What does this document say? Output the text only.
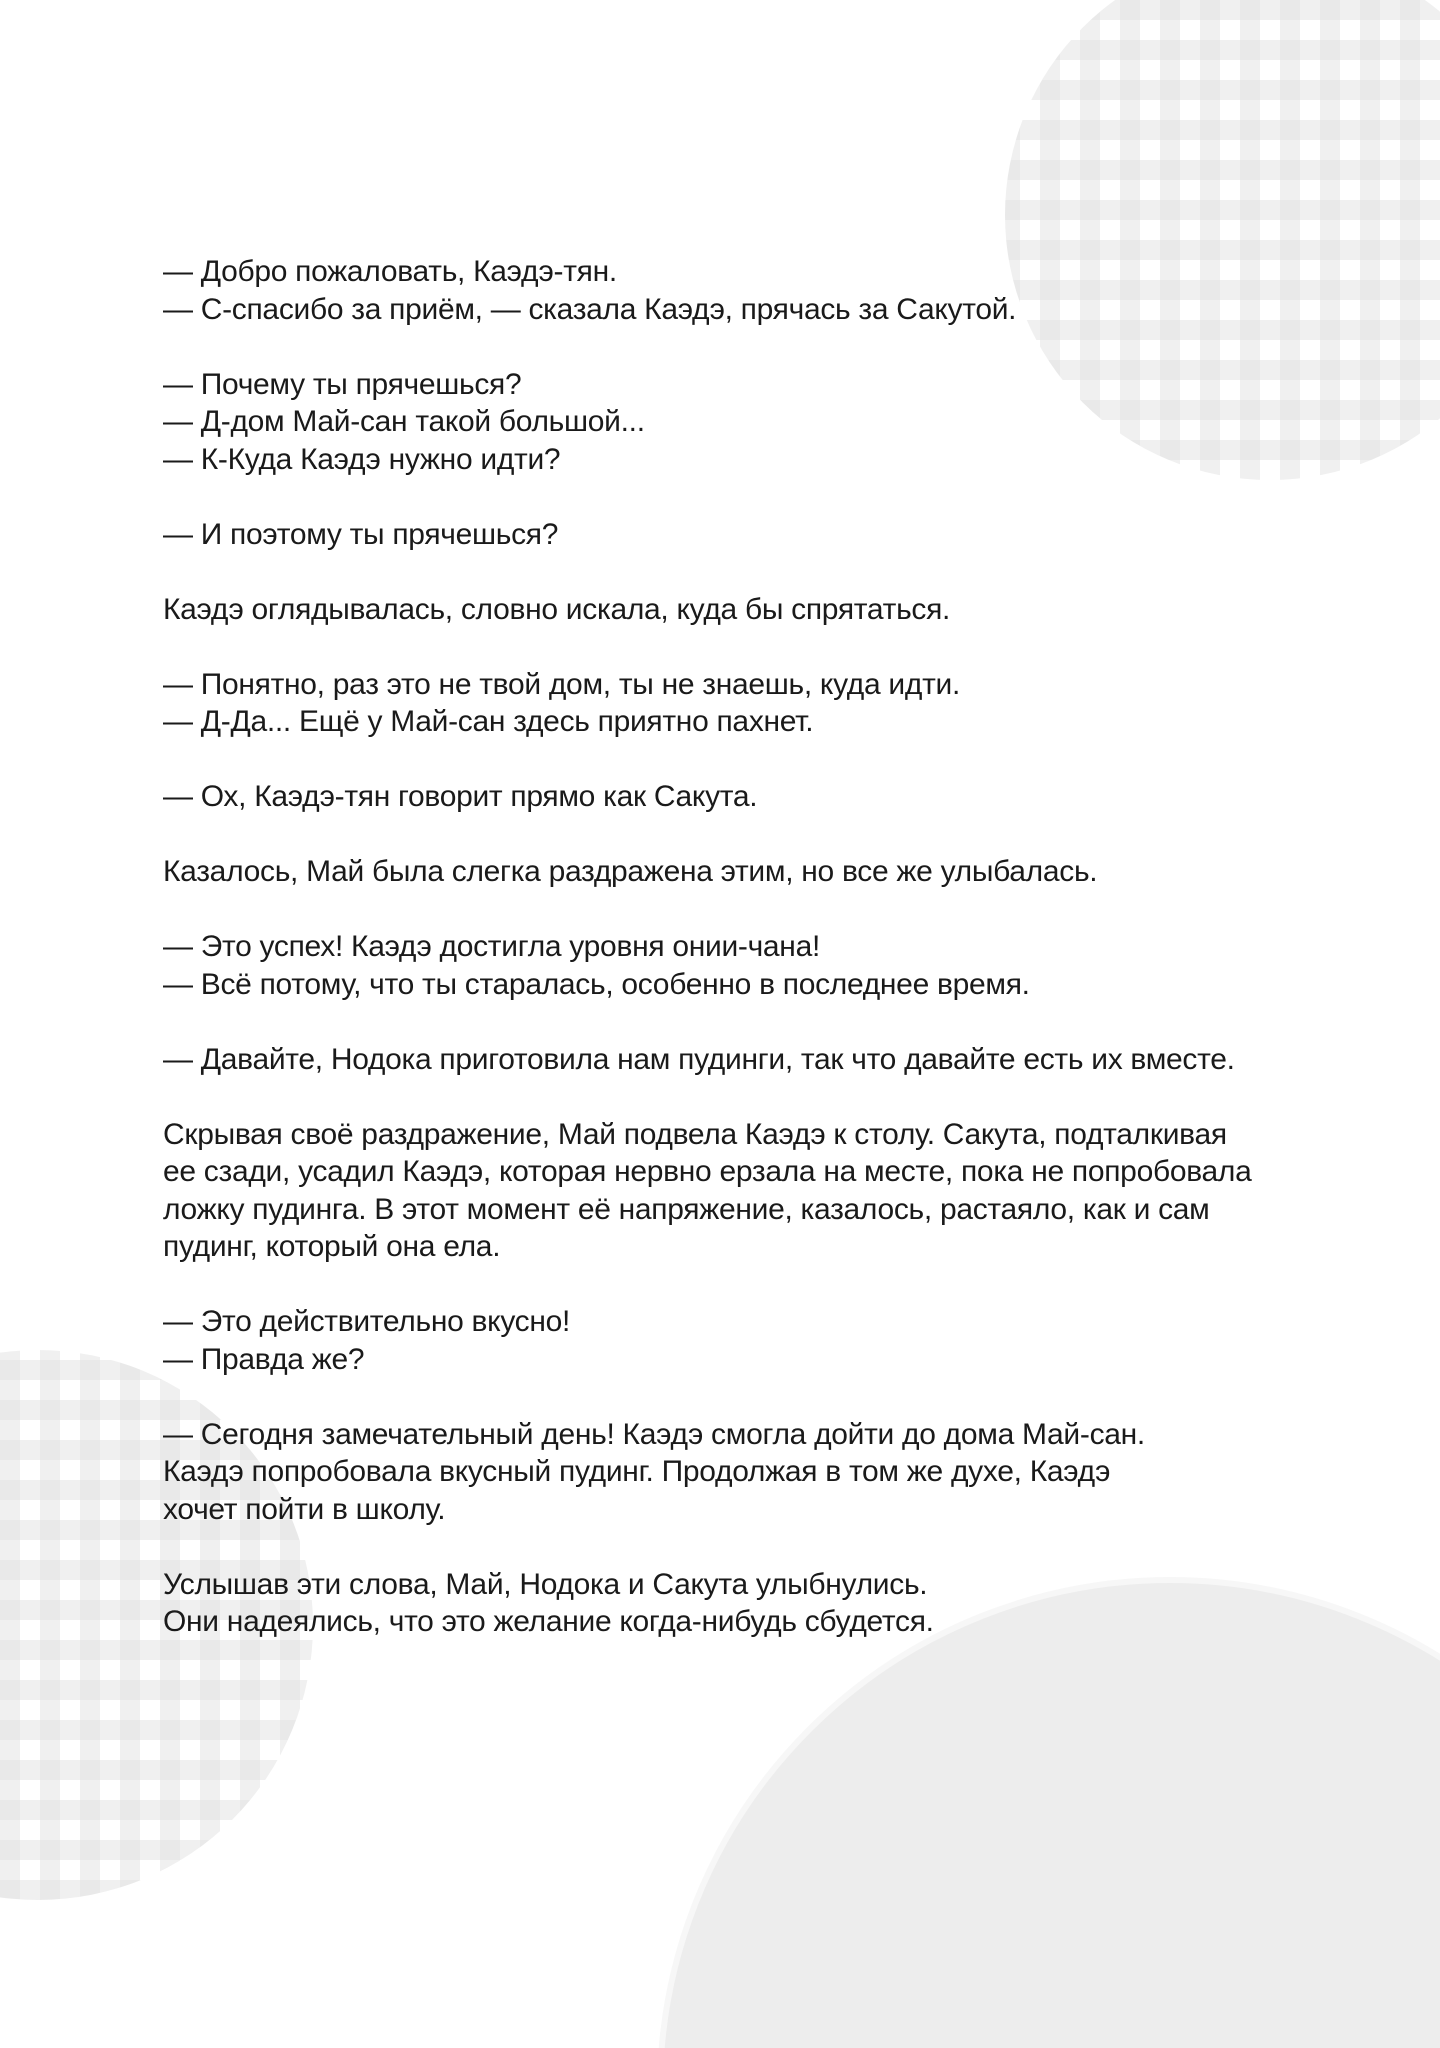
— Добро пожаловать, Каэдэ-тян.
— С-спасибо за приём, — сказала Каэдэ, прячась за Сакутой.
— Почему ты прячешься?
— Д-дом Май-сан такой большой...
— К-Куда Каэдэ нужно идти?
— И поэтому ты прячешься?
Каэдэ оглядывалась, словно искала, куда бы спрятаться.
— Понятно, раз это не твой дом, ты не знаешь, куда идти.
— Д-Да... Ещё у Май-сан здесь приятно пахнет.
— Ох, Каэдэ-тян говорит прямо как Сакута.
Казалось, Май была слегка раздражена этим, но все же улыбалась.
— Это успех! Каэдэ достигла уровня онии-чана!
— Всё потому, что ты старалась, особенно в последнее время.
— Давайте, Нодока приготовила нам пудинги, так что давайте есть их вместе.
Скрывая своё раздражение, Май подвела Каэдэ к столу. Сакута, подталкивая
ее сзади, усадил Каэдэ, которая нервно ерзала на месте, пока не попробовала
ложку пудинга. В этот момент её напряжение, казалось, растаяло, как и сам
пудинг, который она ела.
— Это действительно вкусно!
— Правда же?
— Сегодня замечательный день! Каэдэ смогла дойти до дома Май-сан.
Каэдэ попробовала вкусный пудинг. Продолжая в том же духе, Каэдэ
хочет пойти в школу.
Услышав эти слова, Май, Нодока и Сакута улыбнулись.
Они надеялись, что это желание когда-нибудь сбудется.
